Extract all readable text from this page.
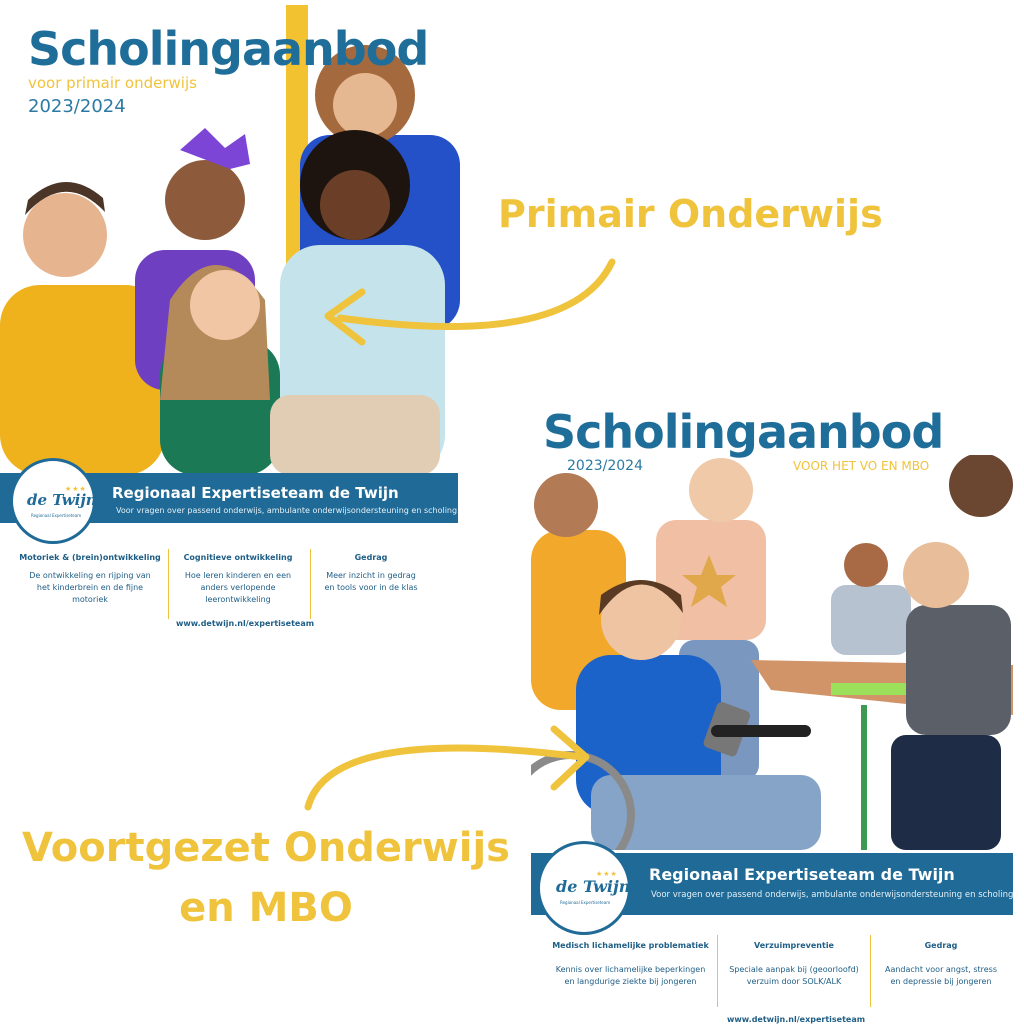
Scholingaanbod
voor primair onderwijs
2023/2024
Regionaal Expertiseteam de Twijn
Voor vragen over passend onderwijs, ambulante onderwijsondersteuning en scholing
★★★
de Twijn
Regionaal Expertiseteam
Motoriek & (brein)ontwikkeling
De ontwikkeling en rijping van het kinderbrein en de fijne motoriek
Cognitieve ontwikkeling
Hoe leren kinderen en een anders verlopende leerontwikkeling
Gedrag
Meer inzicht in gedrag en tools voor in de klas
www.detwijn.nl/expertiseteam
Scholingaanbod
2023/2024	VOOR HET VO EN MBO
Regionaal Expertiseteam de Twijn
Voor vragen over passend onderwijs, ambulante onderwijsondersteuning en scholing
★★★
de Twijn
Regionaal Expertiseteam
Medisch lichamelijke problematiek
Kennis over lichamelijke beperkingen en langdurige ziekte bij jongeren
Verzuimpreventie
Speciale aanpak bij (geoorloofd) verzuim door SOLK/ALK
Gedrag
Aandacht voor angst, stress en depressie bij jongeren
www.detwijn.nl/expertiseteam
Primair Onderwijs
Voortgezet Onderwijs
en MBO
